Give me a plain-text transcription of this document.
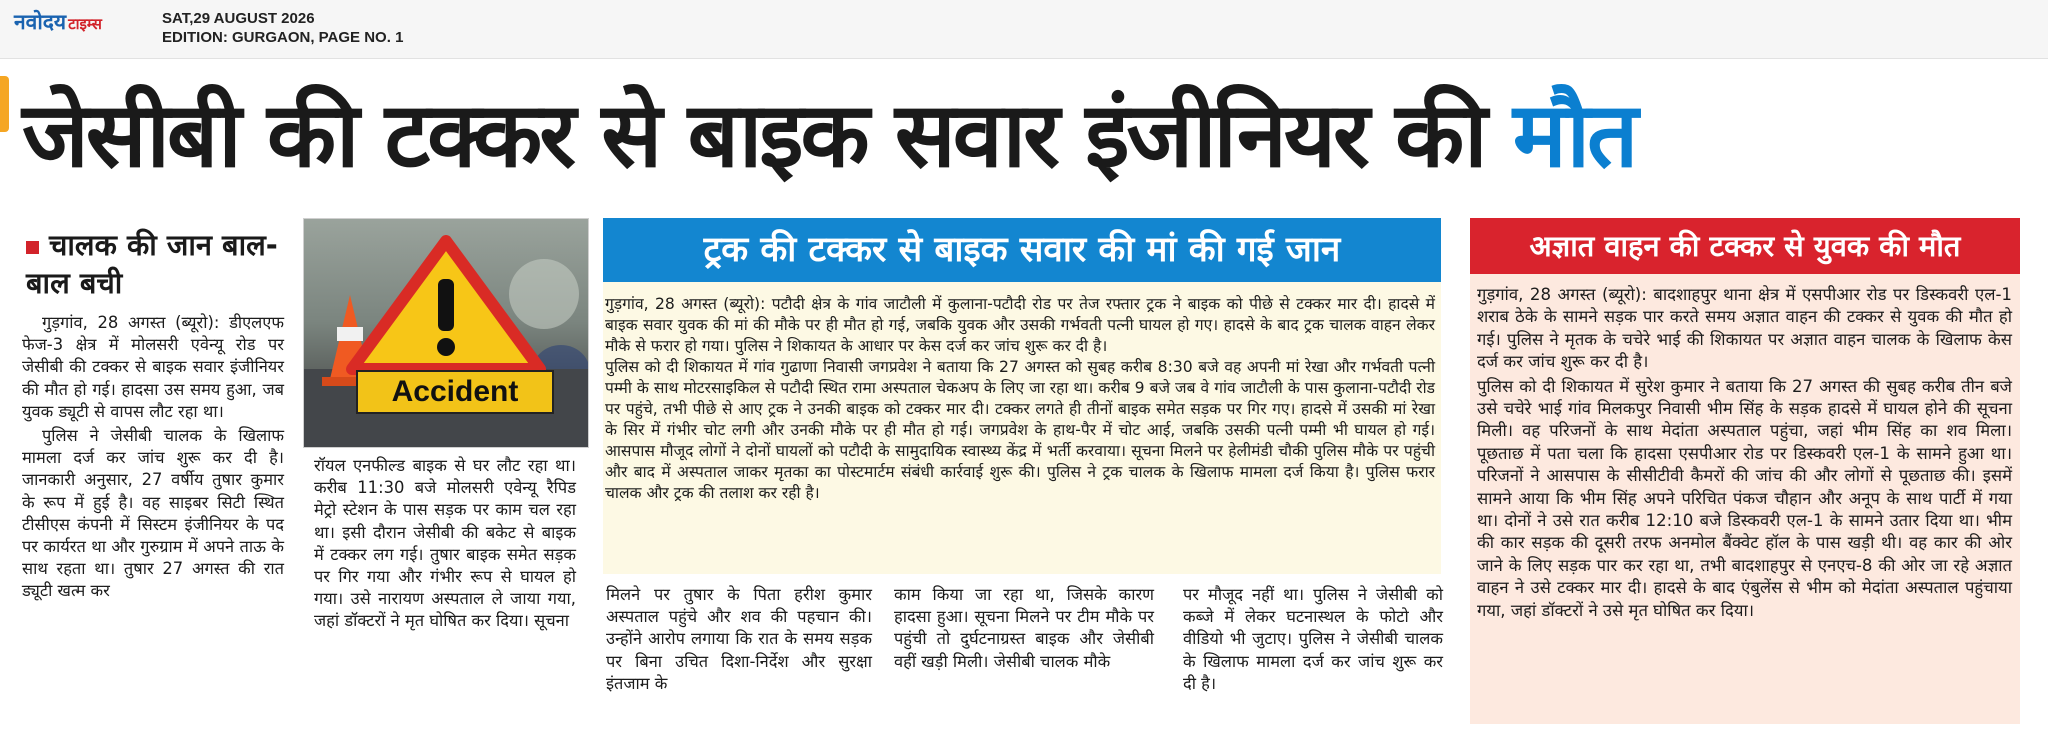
नवोदय टाइम्स	SAT,29 AUGUST 2026
EDITION: GURGAON, PAGE NO. 1
जेसीबी की टक्कर से बाइक सवार इंजीनियर की मौत
चालक की जान बाल-बाल बची
Accident

गुड़गांव, 28 अगस्त (ब्यूरो): डीएलएफ फेज-3 क्षेत्र में मोलसरी एवेन्यू रोड पर जेसीबी की टक्कर से बाइक सवार इंजीनियर की मौत हो गई। हादसा उस समय हुआ, जब युवक ड्यूटी से वापस लौट रहा था।

पुलिस ने जेसीबी चालक के खिलाफ मामला दर्ज कर जांच शुरू कर दी है। जानकारी अनुसार, 27 वर्षीय तुषार कुमार के रूप में हुई है। वह साइबर सिटी स्थित टीसीएस कंपनी में सिस्टम इंजीनियर के पद पर कार्यरत था और गुरुग्राम में अपने ताऊ के साथ रहता था। तुषार 27 अगस्त की रात ड्यूटी खत्म कर

रॉयल एनफील्ड बाइक से घर लौट रहा था। करीब 11:30 बजे मोलसरी एवेन्यू रैपिड मेट्रो स्टेशन के पास सड़क पर काम चल रहा था। इसी दौरान जेसीबी की बकेट से बाइक में टक्कर लग गई। तुषार बाइक समेत सड़क पर गिर गया और गंभीर रूप से घायल हो गया। उसे नारायण अस्पताल ले जाया गया, जहां डॉक्टरों ने मृत घोषित कर दिया। सूचना

ट्रक की टक्कर से बाइक सवार की मां की गई जान

गुड़गांव, 28 अगस्त (ब्यूरो): पटौदी क्षेत्र के गांव जाटौली में कुलाना-पटौदी रोड पर तेज रफ्तार ट्रक ने बाइक को पीछे से टक्कर मार दी। हादसे में बाइक सवार युवक की मां की मौके पर ही मौत हो गई, जबकि युवक और उसकी गर्भवती पत्नी घायल हो गए। हादसे के बाद ट्रक चालक वाहन लेकर मौके से फरार हो गया। पुलिस ने शिकायत के आधार पर केस दर्ज कर जांच शुरू कर दी है।

पुलिस को दी शिकायत में गांव गुढाणा निवासी जगप्रवेश ने बताया कि 27 अगस्त को सुबह करीब 8:30 बजे वह अपनी मां रेखा और गर्भवती पत्नी पम्मी के साथ मोटरसाइकिल से पटौदी स्थित रामा अस्पताल चेकअप के लिए जा रहा था। करीब 9 बजे जब वे गांव जाटौली के पास कुलाना-पटौदी रोड पर पहुंचे, तभी पीछे से आए ट्रक ने उनकी बाइक को टक्कर मार दी। टक्कर लगते ही तीनों बाइक समेत सड़क पर गिर गए। हादसे में उसकी मां रेखा के सिर में गंभीर चोट लगी और उनकी मौके पर ही मौत हो गई। जगप्रवेश के हाथ-पैर में चोट आई, जबकि उसकी पत्नी पम्मी भी घायल हो गई। आसपास मौजूद लोगों ने दोनों घायलों को पटौदी के सामुदायिक स्वास्थ्य केंद्र में भर्ती करवाया। सूचना मिलने पर हेलीमंडी चौकी पुलिस मौके पर पहुंची और बाद में अस्पताल जाकर मृतका का पोस्टमार्टम संबंधी कार्रवाई शुरू की। पुलिस ने ट्रक चालक के खिलाफ मामला दर्ज किया है। पुलिस फरार चालक और ट्रक की तलाश कर रही है।

मिलने पर तुषार के पिता हरीश कुमार अस्पताल पहुंचे और शव की पहचान की। उन्होंने आरोप लगाया कि रात के समय सड़क पर बिना उचित दिशा-निर्देश और सुरक्षा इंतजाम के

काम किया जा रहा था, जिसके कारण हादसा हुआ। सूचना मिलने पर टीम मौके पर पहुंची तो दुर्घटनाग्रस्त बाइक और जेसीबी वहीं खड़ी मिली। जेसीबी चालक मौके

पर मौजूद नहीं था। पुलिस ने जेसीबी को कब्जे में लेकर घटनास्थल के फोटो और वीडियो भी जुटाए। पुलिस ने जेसीबी चालक के खिलाफ मामला दर्ज कर जांच शुरू कर दी है।

अज्ञात वाहन की टक्कर से युवक की मौत

गुड़गांव, 28 अगस्त (ब्यूरो): बादशाहपुर थाना क्षेत्र में एसपीआर रोड पर डिस्कवरी एल-1 शराब ठेके के सामने सड़क पार करते समय अज्ञात वाहन की टक्कर से युवक की मौत हो गई। पुलिस ने मृतक के चचेरे भाई की शिकायत पर अज्ञात वाहन चालक के खिलाफ केस दर्ज कर जांच शुरू कर दी है।

पुलिस को दी शिकायत में सुरेश कुमार ने बताया कि 27 अगस्त की सुबह करीब तीन बजे उसे चचेरे भाई गांव मिलकपुर निवासी भीम सिंह के सड़क हादसे में घायल होने की सूचना मिली। वह परिजनों के साथ मेदांता अस्पताल पहुंचा, जहां भीम सिंह का शव मिला। पूछताछ में पता चला कि हादसा एसपीआर रोड पर डिस्कवरी एल-1 के सामने हुआ था। परिजनों ने आसपास के सीसीटीवी कैमरों की जांच की और लोगों से पूछताछ की। इसमें सामने आया कि भीम सिंह अपने परिचित पंकज चौहान और अनूप के साथ पार्टी में गया था। दोनों ने उसे रात करीब 12:10 बजे डिस्कवरी एल-1 के सामने उतार दिया था। भीम की कार सड़क की दूसरी तरफ अनमोल बैंक्वेट हॉल के पास खड़ी थी। वह कार की ओर जाने के लिए सड़क पार कर रहा था, तभी बादशाहपुर से एनएच-8 की ओर जा रहे अज्ञात वाहन ने उसे टक्कर मार दी। हादसे के बाद एंबुलेंस से भीम को मेदांता अस्पताल पहुंचाया गया, जहां डॉक्टरों ने उसे मृत घोषित कर दिया।
